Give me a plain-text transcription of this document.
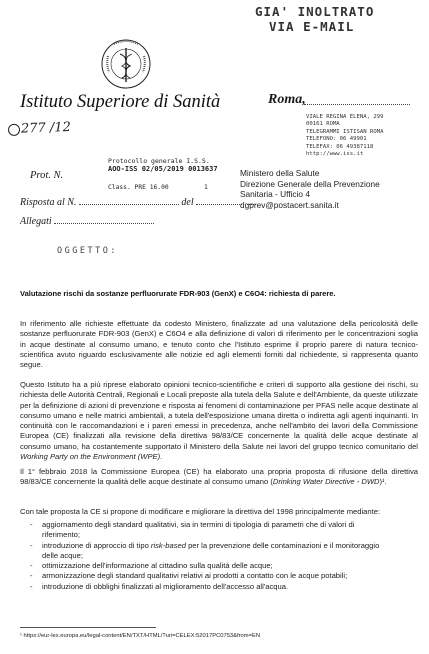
GIA' INOLTRATO
VIA E-MAIL
Istituto Superiore di Sanità	Roma,
VIALE REGINA ELENA, 299
00161 ROMA
TELEGRAMMI ISTISAN ROMA
TELEFONO: 06 49901
TELEFAX: 06 49387118
http://www.iss.it
277 /12
Prot. N.
Protocollo generale I.S.S.
AOO-ISS 02/05/2019 0013637
Class. PRE 16.00	1
Ministero della Salute
Direzione Generale della Prevenzione
Sanitaria - Ufficio 4
dgprev@postacert.sanita.it
Risposta al N.	del
Allegati
OGGETTO:
Valutazione rischi da sostanze perfluorurate FDR-903 (GenX) e C6O4: richiesta di parere.
In riferimento alle richieste effettuate da codesto Ministero, finalizzate ad una valutazione della pericolosità delle sostanze perfluorurate FDR-903 (GenX) e C6O4 e alla definizione di valori di riferimento per le concentrazioni soglia in acque destinate al consumo umano, e tenuto conto che l'Istituto esprime il proprio parere di natura tecnico-scientifica avuto riguardo esclusivamente alle notizie ed agli elementi forniti dal richiedente, si rappresenta quanto segue.
Questo Istituto ha a più riprese elaborato opinioni tecnico-scientifiche e criteri di supporto alla gestione dei rischi, su richiesta delle Autorità Centrali, Regionali e Locali preposte alla tutela della Salute e dell'Ambiente, da queste utilizzate per la definizione di azioni di prevenzione e risposta ai fenomeni di contaminazione per PFAS nelle acque destinate al consumo umano e nelle matrici ambientali, a tutela dell'esposizione umana diretta o indiretta agli agenti inquinanti. In continuità con le raccomandazioni e i pareri emessi in precedenza, anche nell'ambito dei lavori della Commissione Europea (CE) finalizzati alla revisione della direttiva 98/83/CE concernente la qualità delle acque destinate al consumo umano, ha costantemente supportato il Ministero della Salute nei lavori del gruppo tecnico comunitario del Working Party on the Environment (WPE).
Il 1° febbraio 2018 la Commissione Europea (CE) ha elaborato una propria proposta di rifusione della direttiva 98/83/CE concernente la qualità delle acque destinate al consumo umano (Drinking Water Directive - DWD)¹.
Con tale proposta la CE si propone di modificare e migliorare la direttiva del 1998 principalmente mediante:
- aggiornamento degli standard qualitativi, sia in termini di tipologia di parametri che di valori di
riferimento;
- introduzione di approccio di tipo risk-based per la prevenzione delle contaminazioni e il monitoraggio
delle acque;
- ottimizzazione dell'informazione al cittadino sulla qualità delle acque;
- armonizzazione degli standard qualitativi relativi ai prodotti a contatto con le acque potabili;
- introduzione di obblighi finalizzati al miglioramento dell'accesso all'acqua.
¹ https://eur-lex.europa.eu/legal-content/EN/TXT/HTML/?uri=CELEX:52017PC0753&from=EN
